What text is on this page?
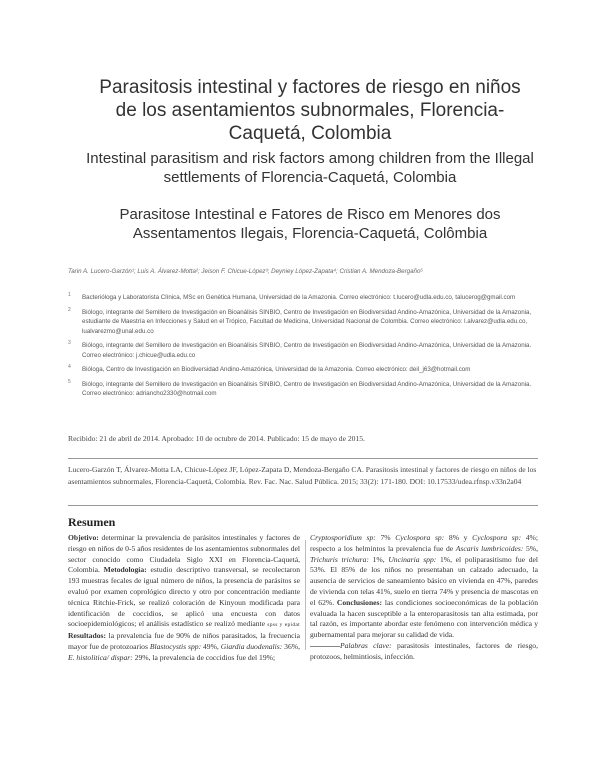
Parasitosis intestinal y factores de riesgo en niños
de los asentamientos subnormales, Florencia-
Caquetá, Colombia
Intestinal parasitism and risk factors among children from the Illegal
settlements of Florencia-Caquetá, Colombia
Parasitose Intestinal e Fatores de Risco em Menores dos
Assentamentos Ilegais, Florencia-Caquetá, Colômbia
Tarin A. Lucero-Garzón¹; Luis A. Álvarez-Motta²; Jeison F. Chicue-López³; Deyniey López-Zapata⁴; Cristian A. Mendoza-Bergaño⁵
1 Bacterióloga y Laboratorista Clínica, MSc en Genética Humana, Universidad de la Amazonia. Correo electrónico: t.lucero@udla.edu.co, talucerog@gmail.com
2 Biólogo, integrante del Semillero de Investigación en Bioanálisis SINBIO, Centro de Investigación en Biodiversidad Andino-Amazónica, Universidad de la Amazonia, estudiante de Maestría en Infecciones y Salud en el Trópico, Facultad de Medicina, Universidad Nacional de Colombia. Correo electrónico: l.alvarez@udla.edu.co, lualvarezmo@unal.edu.co
3 Biólogo, integrante del Semillero de Investigación en Bioanálisis SINBIO, Centro de Investigación en Biodiversidad Andino-Amazónica, Universidad de la Amazonia. Correo electrónico: j.chicue@udla.edu.co
4 Bióloga, Centro de Investigación en Biodiversidad Andino-Amazónica, Universidad de la Amazonia. Correo electrónico: deil_j63@hotmail.com
5 Biólogo, integrante del Semillero de Investigación en Bioanálisis SINBIO, Centro de Investigación en Biodiversidad Andino-Amazónica, Universidad de la Amazonia. Correo electrónico: adriancho2330@hotmail.com
Recibido: 21 de abril de 2014. Aprobado: 10 de octubre de 2014. Publicado: 15 de mayo de 2015.
Lucero-Garzón T, Álvarez-Motta LA, Chicue-López JF, López-Zapata D, Mendoza-Bergaño CA. Parasitosis intestinal y factores de riesgo en niños de los asentamientos subnormales, Florencia-Caquetá, Colombia. Rev. Fac. Nac. Salud Pública. 2015; 33(2): 171-180. DOI: 10.17533/udea.rfnsp.v33n2a04
Resumen
Objetivo: determinar la prevalencia de parásitos intestinales y factores de riesgo en niños de 0-5 años residentes de los asentamientos subnormales del sector conocido como Ciudadela Siglo XXI en Florencia-Caquetá, Colombia. Metodología: estudio descriptivo transversal, se recolectaron 193 muestras fecales de igual número de niños, la presencia de parásitos se evaluó por examen coprológico directo y otro por concentración mediante técnica Ritchie-Frick, se realizó coloración de Kinyoun modificada para identificación de coccidios, se aplicó una encuesta con datos socioepidemiológicos; el análisis estadístico se realizó mediante spss y epidat Resultados: la prevalencia fue de 90% de niños parasitados, la frecuencia mayor fue de protozoarios Blastocystis spp: 49%, Giardia duodenalis: 36%, E. histolitica/ dispar: 29%, la prevalencia de coccidios fue del 19%;
Cryptosporidium sp: 7% Cyclospora sp: 8% y Cyclospora sp: 4%; respecto a los helmintos la prevalencia fue de Ascaris lumbricoides: 5%, Trichuris trichura: 1%, Uncinaria spp: 1%, el poliparasitismo fue del 53%. El 85% de los niños no presentaban un calzado adecuado, la ausencia de servicios de saneamiento básico en vivienda en 47%, paredes de vivienda con telas 41%, suelo en tierra 74% y presencia de mascotas en el 62%. Conclusiones: las condiciones socioeconómicas de la población evaluada la hacen susceptible a la enteroparasitosis tan alta estimada, por tal razón, es importante abordar este fenómeno con intervención médica y gubernamental para mejorar su calidad de vida.
Palabras clave: parasitosis intestinales, factores de riesgo, protozoos, helmintiosis, infección.
